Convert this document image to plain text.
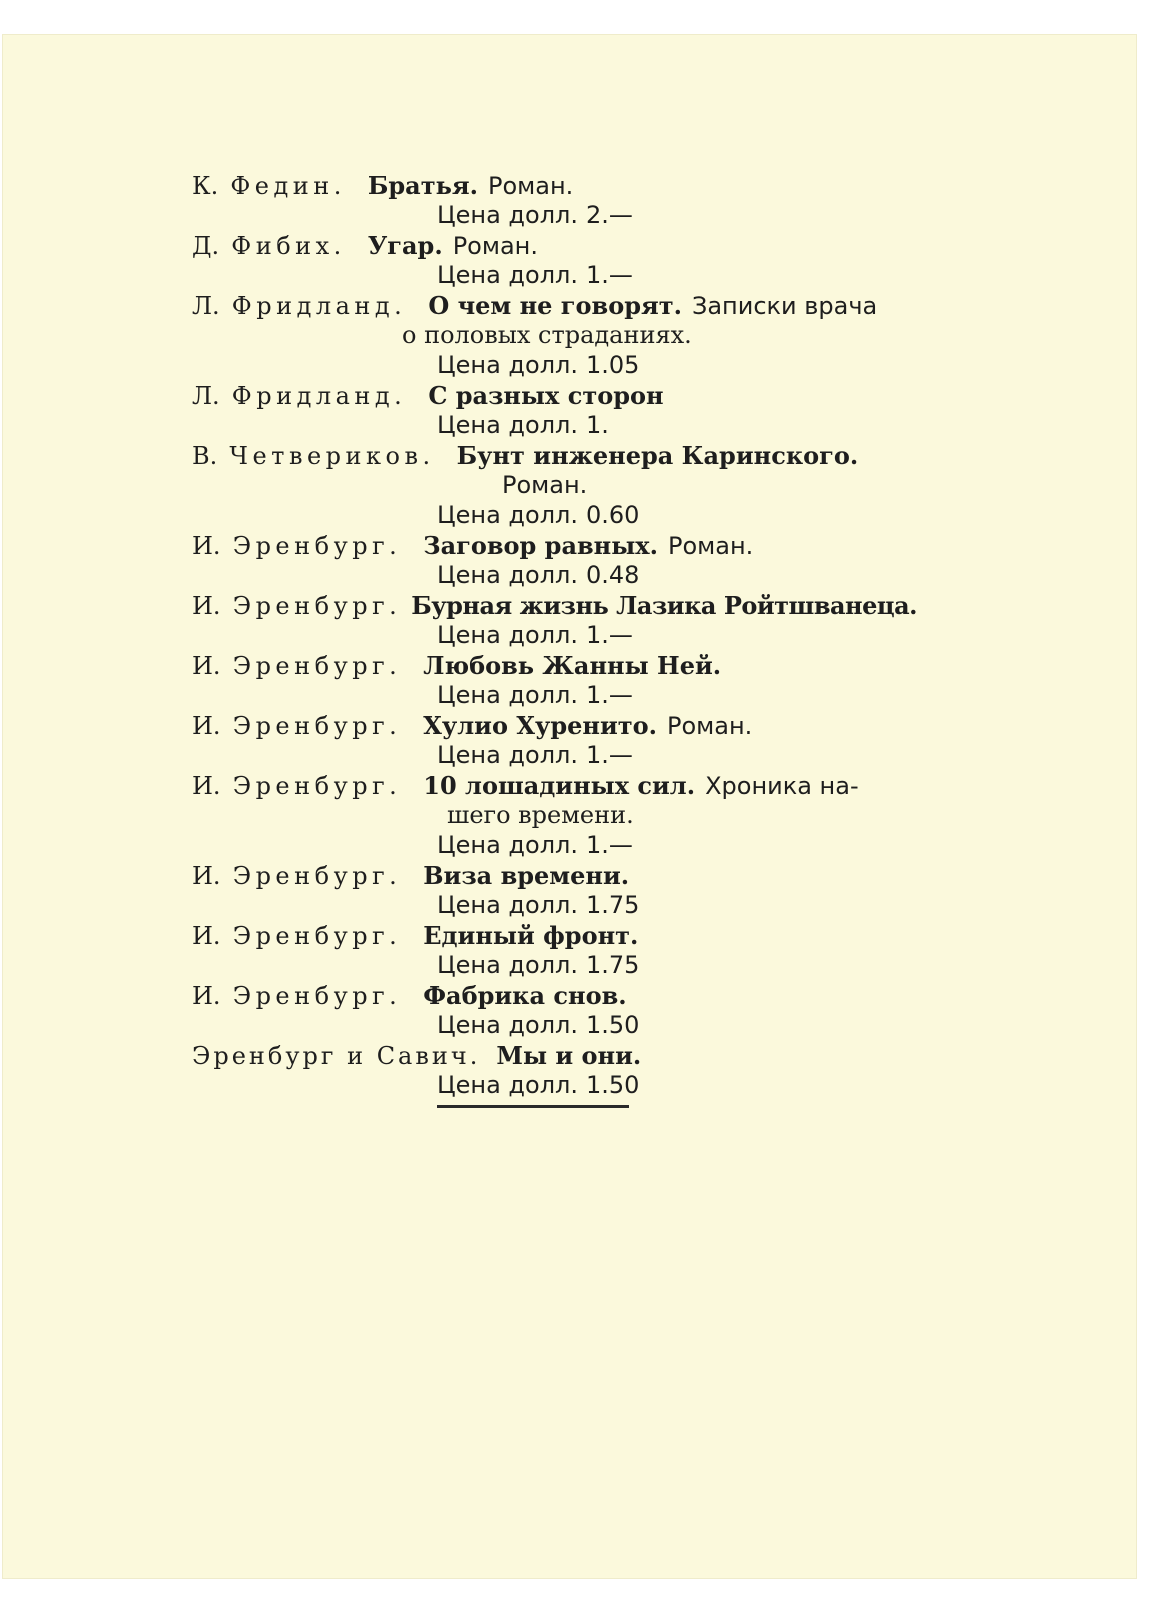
К. Федин. Братья. Роман.
Цена долл. 2.—
Д. Фибих. Угар. Роман.
Цена долл. 1.—
Л. Фридланд. О чем не говорят. Записки врача
о половых страданиях.
Цена долл. 1.05
Л. Фридланд. С разных сторон
Цена долл. 1.
В. Четвериков. Бунт инженера Каринского.
Роман.
Цена долл. 0.60
И. Эренбург. Заговор равных. Роман.
Цена долл. 0.48
И. Эренбург. Бурная жизнь Лазика Ройтшванеца.
Цена долл. 1.—
И. Эренбург. Любовь Жанны Ней.
Цена долл. 1.—
И. Эренбург. Хулио Хуренито. Роман.
Цена долл. 1.—
И. Эренбург. 10 лошадиных сил. Хроника на-
шего времени.
Цена долл. 1.—
И. Эренбург. Виза времени.
Цена долл. 1.75
И. Эренбург. Единый фронт.
Цена долл. 1.75
И. Эренбург. Фабрика снов.
Цена долл. 1.50
Эренбург и Савич. Мы и они.
Цена долл. 1.50
